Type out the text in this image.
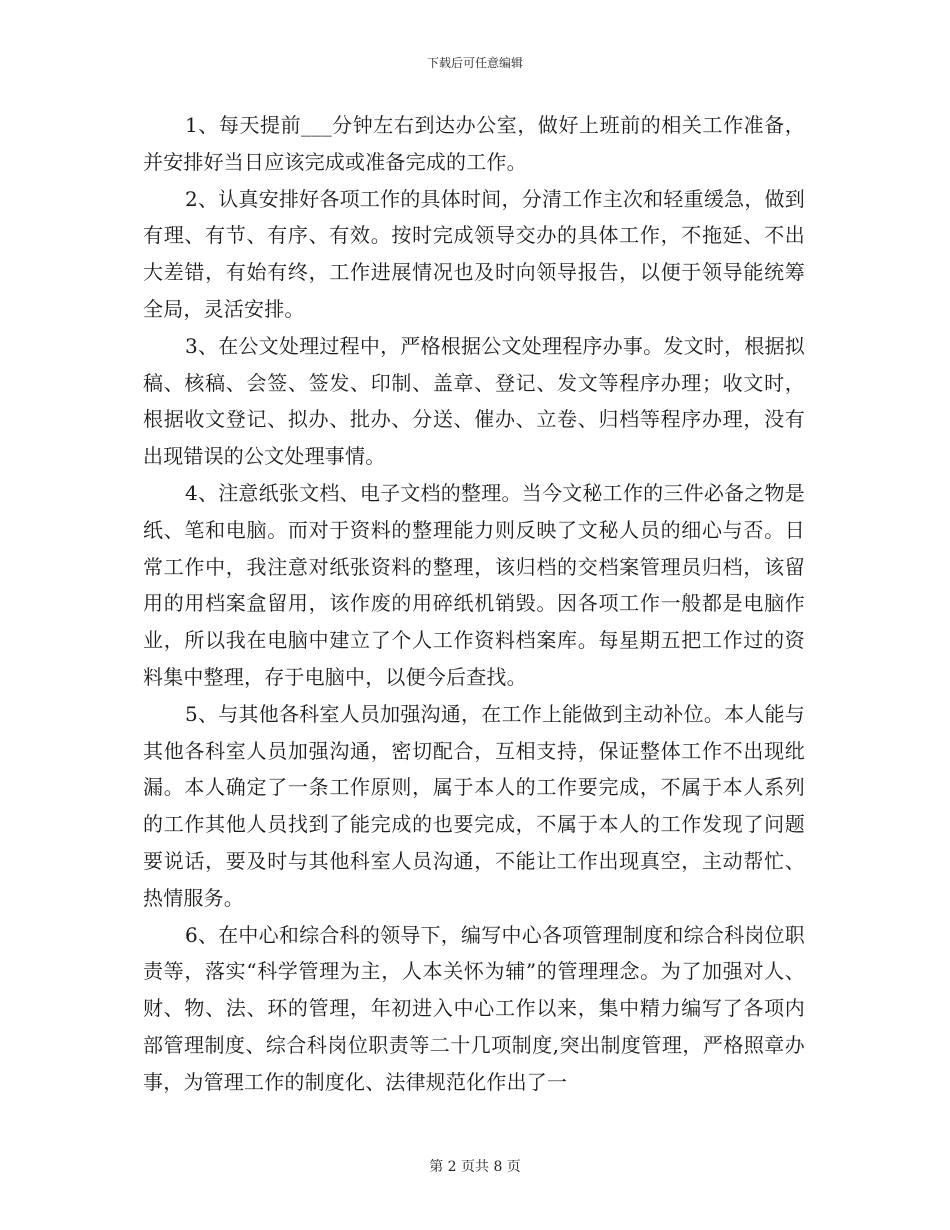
下载后可任意编辑

1、每天提前___分钟左右到达办公室，做好上班前的相关工作准备，并安排好当日应该完成或准备完成的工作。

2、认真安排好各项工作的具体时间，分清工作主次和轻重缓急，做到有理、有节、有序、有效。按时完成领导交办的具体工作，不拖延、不出大差错，有始有终，工作进展情况也及时向领导报告，以便于领导能统筹全局，灵活安排。

3、在公文处理过程中，严格根据公文处理程序办事。发文时，根据拟稿、核稿、会签、签发、印制、盖章、登记、发文等程序办理；收文时，根据收文登记、拟办、批办、分送、催办、立卷、归档等程序办理，没有出现错误的公文处理事情。

4、注意纸张文档、电子文档的整理。当今文秘工作的三件必备之物是纸、笔和电脑。而对于资料的整理能力则反映了文秘人员的细心与否。日常工作中，我注意对纸张资料的整理，该归档的交档案管理员归档，该留用的用档案盒留用，该作废的用碎纸机销毁。因各项工作一般都是电脑作业，所以我在电脑中建立了个人工作资料档案库。每星期五把工作过的资料集中整理，存于电脑中，以便今后查找。

5、与其他各科室人员加强沟通，在工作上能做到主动补位。本人能与其他各科室人员加强沟通，密切配合，互相支持，保证整体工作不出现纰漏。本人确定了一条工作原则，属于本人的工作要完成，不属于本人系列的工作其他人员找到了能完成的也要完成，不属于本人的工作发现了问题要说话，要及时与其他科室人员沟通，不能让工作出现真空，主动帮忙、热情服务。

6、在中心和综合科的领导下，编写中心各项管理制度和综合科岗位职责等，落实“科学管理为主，人本关怀为辅”的管理理念。为了加强对人、财、物、法、环的管理，年初进入中心工作以来，集中精力编写了各项内部管理制度、综合科岗位职责等二十几项制度,突出制度管理，严格照章办事，为管理工作的制度化、法律规范化作出了一

第 2 页共 8 页
